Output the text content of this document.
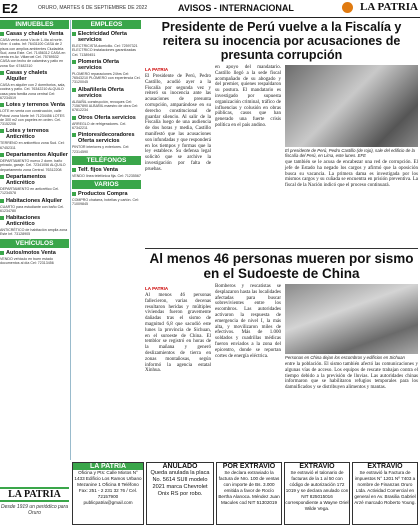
E2	ORURO, MARTES 6 DE SEPTIEMBRE DE 2022	AVISOS - INTERNACIONAL	LA PATRIA
INMUEBLES
Casas y chalets Venta
CASA venta zona Vía de 1-4ta al norte. Vive: 4 caba. Inf: 76431100 CASA de 2 pisos con amplios ambientes Ciudadela Sud, zona Este. Cel. 71456312 CASA en venta en Av. Villarroel Cel. 75789532 CASA con techo de calamina y patio en zona Sur: 67482310
Casas y chalets Alquiler
CASA en alquiler con 2 dormitorios, sala, cocina y patio. Cel. 76342210 ALQUILO casa para familia zona central Cel: 67234519
Lotes y terrenos Venta
LOTE en venta con construcción, calle Potosí zona Norte Inf: 71234456 LOTES de 300 m2 con papeles en orden. Cel. 73152206
Lotes y terrenos Anticrético
TERRENO en anticrético zona Sud. Cel: 67452311
Departamentos Alquiler
DEPARTAMENTO nuevo 2 dorm. baño privado, garaje. Cel. 72341056 ALQUILO departamento zona Central. 76312208
Departamentos Anticrético
DEPARTAMENTO en anticrético Cel. 71234578
Habitaciones Alquiler
CUARTO para estudiante con baño Cel. 61234780
Habitaciones Anticrético
ANTICRÉTICO de habitación amplia zona Este Inf. 73128905
VEHÍCULOS
Autos/motos Venta
VENDO vehículo en buen estado documentos al día Cel: 72313456
EMPLEOS
Electricidad Oferta servicios
ELECTRICISTA domicilio. Cel: 72597321 ELECTRICO instalaciones garantizadas Cel. 71389451
Plomería Oferta servicios
PLOMERO reparaciones 24hrs Cel: 76543210 PLOMERO con experiencia Cel. 73120045
Albañilería Oferta servicios
ALBAÑIL construcción, revoques Cel: 71567890 ALBAÑIL maestro de obra Cel: 67812234
Otros Oferta servicios
ARREGLO de refrigeradores. Cel. 67342211
Pintores/decoradores Oferta servicios
PINTOR interiores y exteriores. Cel: 72314590
TELÉFONOS
Telf. fijos Venta
VENDO línea telefónica fija. Cel: 71235567
VARIOS
Productos Compra
COMPRO chatarra, botellas y cartón. Cel: 71009845
Presidente de Perú vuelve a la Fiscalía y reitera su inocencia por acusaciones de presunta corrupción
LA PATRIA
El Presidente de Perú, Pedro Castillo, acudió ayer a la Fiscalía por segunda vez y reiteró su inocencia ante las acusaciones de presunta corrupción, amparándose en su derecho constitucional de guardar silencio. Al salir de la Fiscalía luego de una audiencia de dos horas y media, Castillo manifestó que las acusaciones son infundadas y que responderá en los tiempos y formas que la ley establece. Su defensa legal solicitó que se archive la investigación por falta de pruebas.
en apoyo del mandatario. Castillo llegó a la sede fiscal acompañado de su abogado y del premier, quienes respaldaron su postura. El mandatario es investigado por supuesta organización criminal, tráfico de influencias y colusión en obras públicas, casos que han generado una fuerte crisis política en el país andino.
El presidente de Perú, Pedro Castillo (de rojo), sale del edificio de la fiscalía del Perú, en Lima, este lunes. EFE
que también se le acusa de encabezar una red de corrupción. El jefe de Estado ha negado los cargos y afirmó que la oposición busca su vacancia. La primera dama es investigada por los mismos cargos y su cuñada se encuentra en prisión preventiva. La fiscal de la Nación indicó que el proceso continuará.
Al menos 46 personas mueren por sismo en el Sudoeste de China
LA PATRIA
Al menos 46 personas fallecieron, varias decenas resultaron heridas y múltiples viviendas fueron gravemente dañadas tras el sismo de magnitud 6,8 que sacudió este lunes la provincia de Sichuan, en el suroeste de China. El temblor se registró en horas de la mañana y generó deslizamientos de tierra en zonas montañosas, según informó la agencia estatal Xinhua.
Bomberos y rescatistas se desplazaron hasta las localidades afectadas para buscar sobrevivientes entre los escombros. Las autoridades activaron la respuesta de emergencia de nivel I, la más alta, y movilizaron miles de efectivos. Más de 1.000 soldados y cuadrillas médicas fueron enviados a la zona del epicentro, donde se reportan cortes de energía eléctrica.	Personas en China dejan los escombros y edificios en Sichuan
entre la población. El sismo también afectó las comunicaciones y algunas vías de acceso. Los equipos de rescate trabajan contra el tiempo debido a la previsión de lluvias. Las autoridades chinas informaron que se habilitaron refugios temporales para los damnificados y se distribuyen alimentos y mantas.
LA PATRIA
Desde 1919 un periódico para Oruro
LA PATRIA
Oficina y Pts: Calle Mixtos N° 1433 Edificio Los Ramos Urbano Mezanine 1 Oficina 8 Teléfono Fax: 251 - 2 231 32 76 / Cel. 72157900 publicpatria@gmail.com
ANULADO
Queda anulada la placa No. 5614 SUII modelo 2021 marca Chevrolet Onix RS por robo.
POR EXTRAVÍO
Se declara extraviado la factura de Nro. 100 de ventas con importe de Bs. 3.000 emitida a favor de Rocío Bertha Alanoca. Méndez Juan Macules cod NIT 51302019
EXTRAVÍO
Se extravió el talonario de facturas de la 1 al 50 con código de autorización 172 1019 y se declara anulado con NIT 825015016 correspondiente a Wayne Oriel Wilde Vega.
EXTRAVÍO
Se extravió la Factura de impuestos N° 1201 Nº 7403 a nombre de Finanzas Oruro Ltda. Actividad Comercial en general en Av. Brasilia Gabriel Arzé marcado Roberto Young.
